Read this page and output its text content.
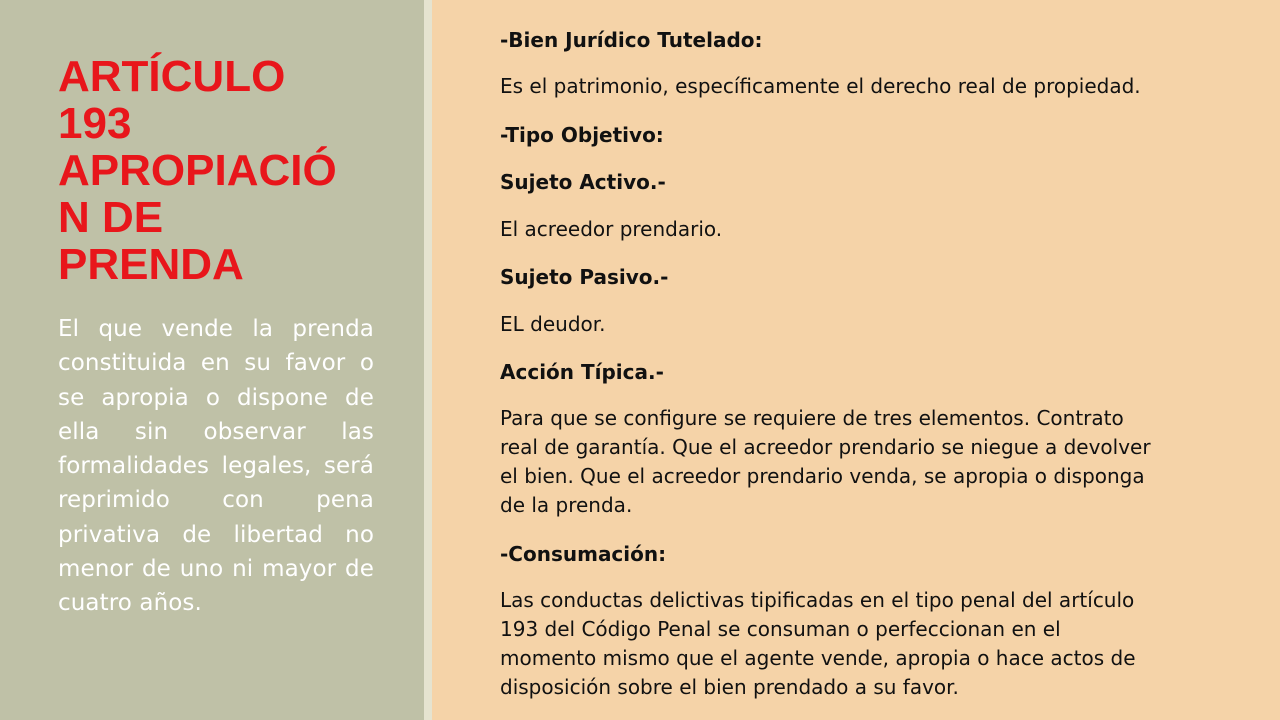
ARTÍCULO
193
APROPIACIÓ
N DE
PRENDA

El que vende la prenda constituida en su favor o se apropia o dispone de ella sin observar las formalidades legales, será reprimido con pena privativa de libertad no menor de uno ni mayor de cuatro años.

-Bien Jurídico Tutelado:

Es el patrimonio, específicamente el derecho real de propiedad.

-Tipo Objetivo:

Sujeto Activo.-

El acreedor prendario.

Sujeto Pasivo.-

EL deudor.

Acción Típica.-

Para que se configure se requiere de tres elementos. Contrato
real de garantía. Que el acreedor prendario se niegue a devolver
el bien. Que el acreedor prendario venda, se apropia o disponga
de la prenda.

-Consumación:

Las conductas delictivas tipificadas en el tipo penal del artículo
193 del Código Penal se consuman o perfeccionan en el
momento mismo que el agente vende, apropia o hace actos de
disposición sobre el bien prendado a su favor.
